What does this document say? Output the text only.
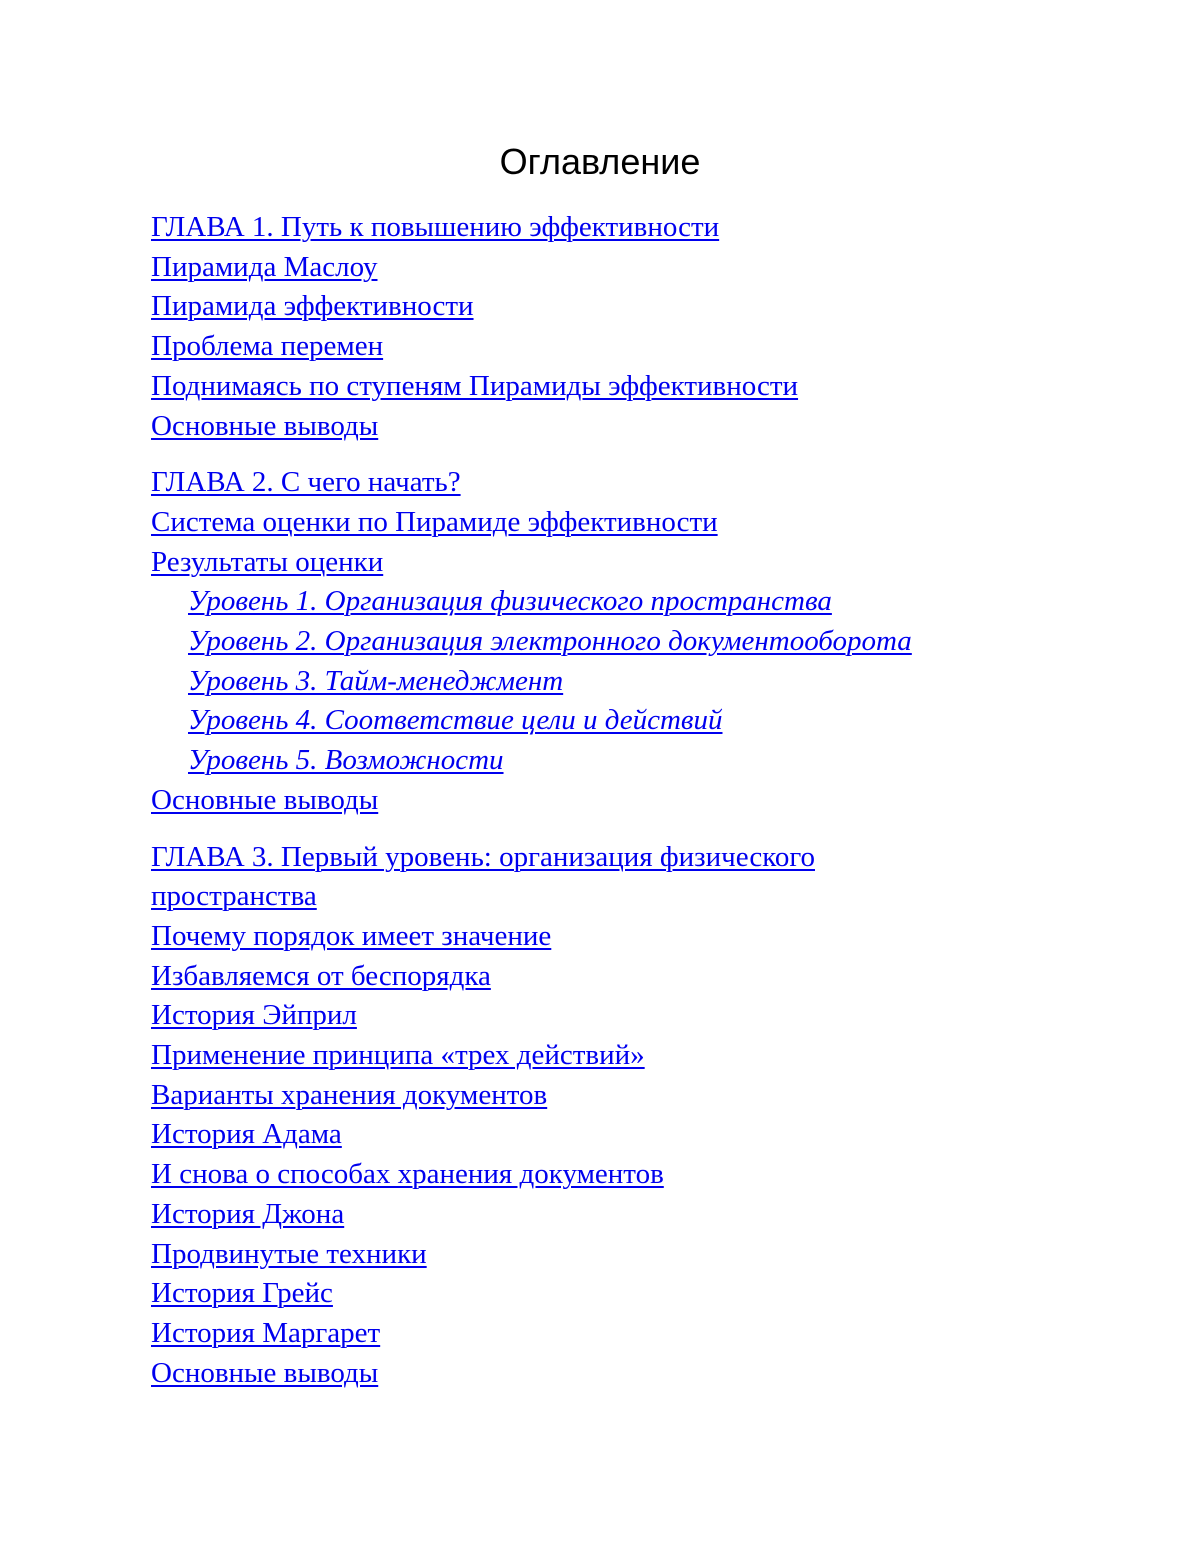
Оглавление
ГЛАВА 1. Путь к повышению эффективности
Пирамида Маслоу
Пирамида эффективности
Проблема перемен
Поднимаясь по ступеням Пирамиды эффективности
Основные выводы
ГЛАВА 2. С чего начать?
Система оценки по Пирамиде эффективности
Результаты оценки
Уровень 1. Организация физического пространства
Уровень 2. Организация электронного документооборота
Уровень 3. Тайм-менеджмент
Уровень 4. Соответствие цели и действий
Уровень 5. Возможности
Основные выводы
ГЛАВА 3. Первый уровень: организация физического
пространства
Почему порядок имеет значение
Избавляемся от беспорядка
История Эйприл
Применение принципа «трех действий»
Варианты хранения документов
История Адама
И снова о способах хранения документов
История Джона
Продвинутые техники
История Грейс
История Маргарет
Основные выводы
